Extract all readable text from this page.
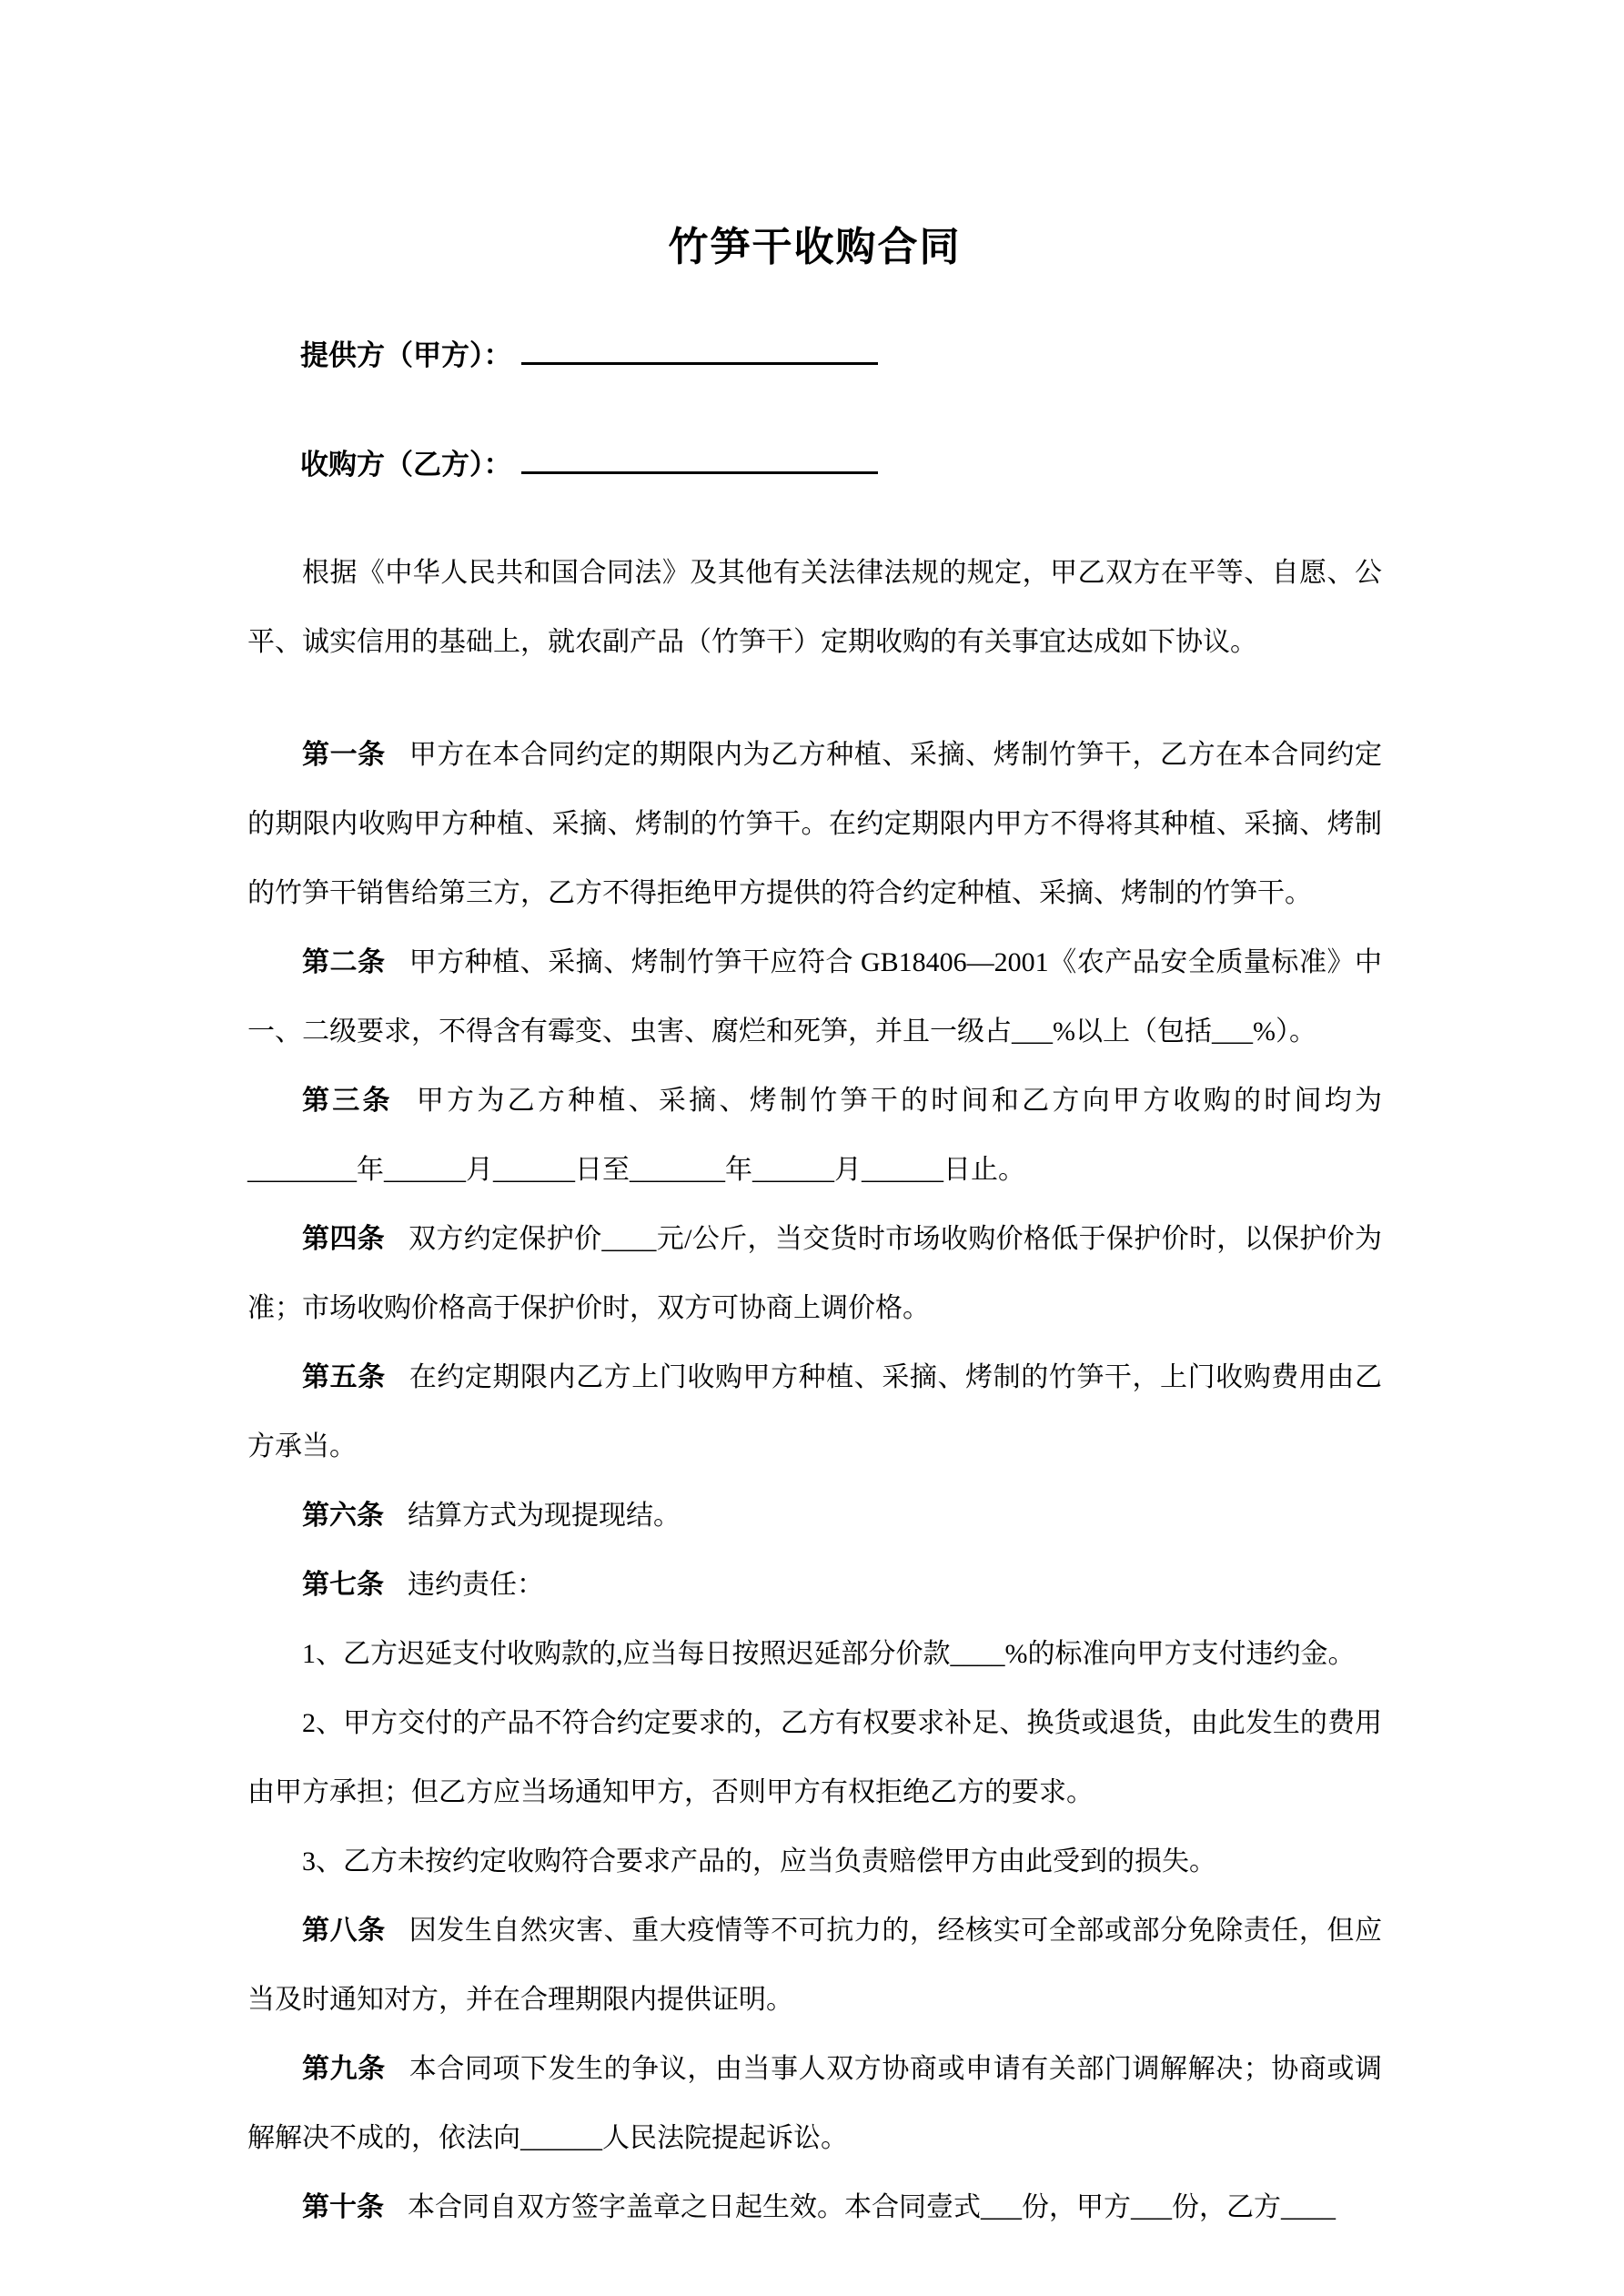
竹笋干收购合同
提供方（甲方）：
收购方（乙方）：

根据《中华人民共和国合同法》及其他有关法律法规的规定，甲乙双方在平等、自愿、公平、诚实信用的基础上，就农副产品（竹笋干）定期收购的有关事宜达成如下协议。

第一条 甲方在本合同约定的期限内为乙方种植、采摘、烤制竹笋干，乙方在本合同约定的期限内收购甲方种植、采摘、烤制的竹笋干。在约定期限内甲方不得将其种植、采摘、烤制的竹笋干销售给第三方，乙方不得拒绝甲方提供的符合约定种植、采摘、烤制的竹笋干。

第二条 甲方种植、采摘、烤制竹笋干应符合 GB18406—2001《农产品安全质量标准》中一、二级要求，不得含有霉变、虫害、腐烂和死笋，并且一级占___%以上（包括___%）。

第三条 甲方为乙方种植、采摘、烤制竹笋干的时间和乙方向甲方收购的时间均为________年______月______日至_______年______月______日止。

第四条 双方约定保护价____元/公斤，当交货时市场收购价格低于保护价时，以保护价为准；市场收购价格高于保护价时，双方可协商上调价格。

第五条 在约定期限内乙方上门收购甲方种植、采摘、烤制的竹笋干，上门收购费用由乙方承当。

第六条 结算方式为现提现结。

第七条 违约责任：

1、乙方迟延支付收购款的,应当每日按照迟延部分价款____%的标准向甲方支付违约金。

2、甲方交付的产品不符合约定要求的，乙方有权要求补足、换货或退货，由此发生的费用由甲方承担；但乙方应当场通知甲方，否则甲方有权拒绝乙方的要求。

3、乙方未按约定收购符合要求产品的，应当负责赔偿甲方由此受到的损失。

第八条 因发生自然灾害、重大疫情等不可抗力的，经核实可全部或部分免除责任，但应当及时通知对方，并在合理期限内提供证明。

第九条 本合同项下发生的争议，由当事人双方协商或申请有关部门调解解决；协商或调解解决不成的，依法向______人民法院提起诉讼。

第十条 本合同自双方签字盖章之日起生效。本合同壹式___份，甲方___份，乙方____
